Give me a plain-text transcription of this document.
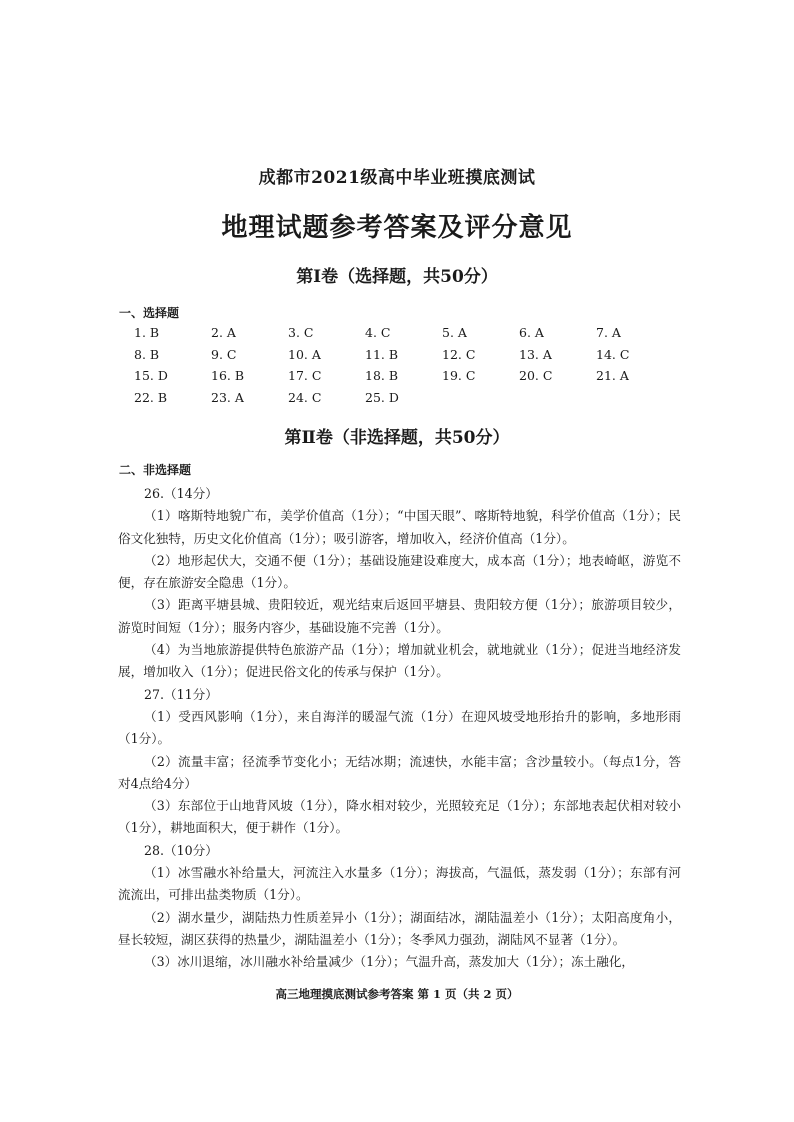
成都市2021级高中毕业班摸底测试
地理试题参考答案及评分意见
第Ⅰ卷（选择题，共50分）
一、选择题
1. B	2. A	3. C	4. C	5. A	6. A	7. A
8. B	9. C	10. A	11. B	12. C	13. A	14. C
15. D	16. B	17. C	18. B	19. C	20. C	21. A
22. B	23. A	24. C	25. D
第Ⅱ卷（非选择题，共50分）
二、非选择题
26.（14分）
（1）喀斯特地貌广布，美学价值高（1分）；“中国天眼”、喀斯特地貌，科学价值高（1分）；民俗文化独特，历史文化价值高（1分）；吸引游客，增加收入，经济价值高（1分）。
（2）地形起伏大，交通不便（1分）；基础设施建设难度大，成本高（1分）；地表崎岖，游览不便，存在旅游安全隐患（1分）。
（3）距离平塘县城、贵阳较近，观光结束后返回平塘县、贵阳较方便（1分）；旅游项目较少，游览时间短（1分）；服务内容少，基础设施不完善（1分）。
（4）为当地旅游提供特色旅游产品（1分）；增加就业机会，就地就业（1分）；促进当地经济发展，增加收入（1分）；促进民俗文化的传承与保护（1分）。
27.（11分）
（1）受西风影响（1分），来自海洋的暖湿气流（1分）在迎风坡受地形抬升的影响，多地形雨（1分）。
（2）流量丰富；径流季节变化小；无结冰期；流速快，水能丰富；含沙量较小。（每点1分，答对4点给4分）
（3）东部位于山地背风坡（1分），降水相对较少，光照较充足（1分）；东部地表起伏相对较小（1分），耕地面积大，便于耕作（1分）。
28.（10分）
（1）冰雪融水补给量大，河流注入水量多（1分）；海拔高，气温低，蒸发弱（1分）；东部有河流流出，可排出盐类物质（1分）。
（2）湖水量少，湖陆热力性质差异小（1分）；湖面结冰，湖陆温差小（1分）；太阳高度角小，昼长较短，湖区获得的热量少，湖陆温差小（1分）；冬季风力强劲，湖陆风不显著（1分）。
（3）冰川退缩，冰川融水补给量减少（1分）；气温升高，蒸发加大（1分）；冻土融化，
高三地理摸底测试参考答案 第 1 页（共 2 页）
